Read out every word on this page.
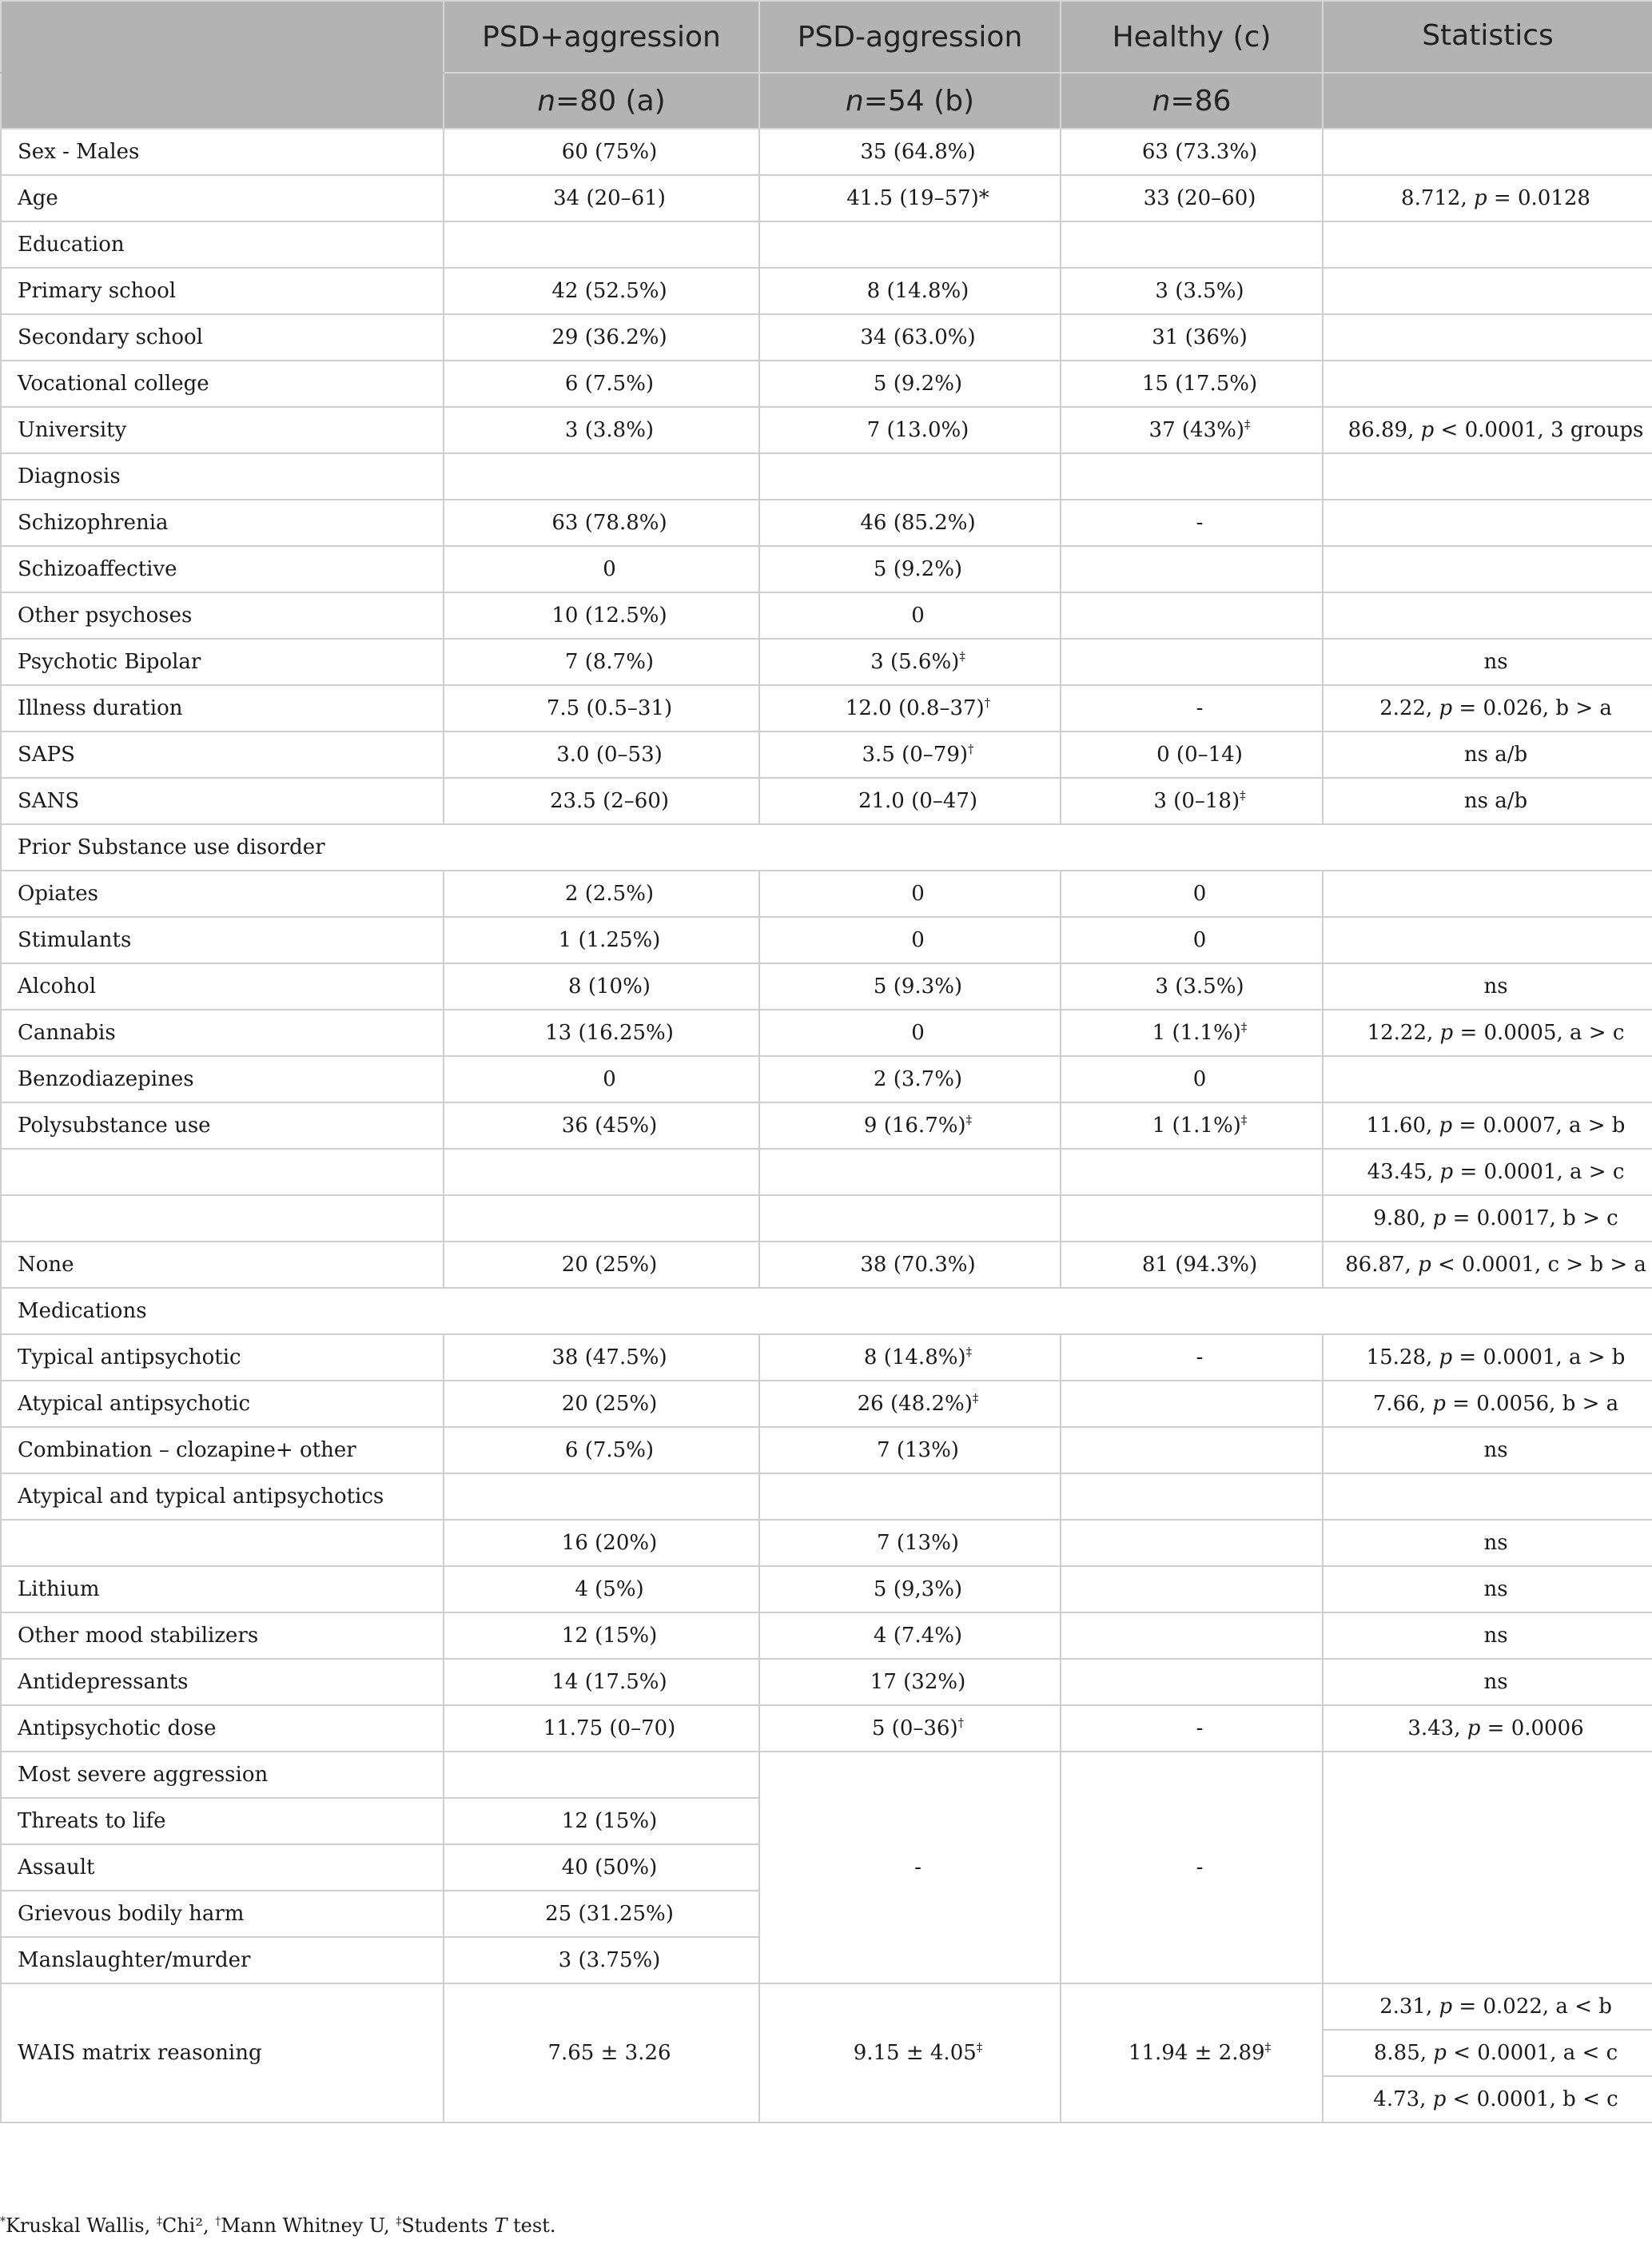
	PSD+aggression	PSD-aggression	Healthy (c)	Statistics
	n=80 (a)	n=54 (b)	n=86	
Sex - Males	60 (75%)	35 (64.8%)	63 (73.3%)	
Age	34 (20–61)	41.5 (19–57)*	33 (20–60)	8.712, p = 0.0128
Education				
Primary school	42 (52.5%)	8 (14.8%)	3 (3.5%)	
Secondary school	29 (36.2%)	34 (63.0%)	31 (36%)	
Vocational college	6 (7.5%)	5 (9.2%)	15 (17.5%)	
University	3 (3.8%)	7 (13.0%)	37 (43%)‡	86.89, p < 0.0001, 3 groups
Diagnosis				
Schizophrenia	63 (78.8%)	46 (85.2%)	-	
Schizoaffective	0	5 (9.2%)		
Other psychoses	10 (12.5%)	0		
Psychotic Bipolar	7 (8.7%)	3 (5.6%)‡		ns
Illness duration	7.5 (0.5–31)	12.0 (0.8–37)†	-	2.22, p = 0.026, b > a
SAPS	3.0 (0–53)	3.5 (0–79)†	0 (0–14)	ns a/b
SANS	23.5 (2–60)	21.0 (0–47)	3 (0–18)‡	ns a/b
Prior Substance use disorder				
Opiates	2 (2.5%)	0	0	
Stimulants	1 (1.25%)	0	0	
Alcohol	8 (10%)	5 (9.3%)	3 (3.5%)	ns
Cannabis	13 (16.25%)	0	1 (1.1%)‡	12.22, p = 0.0005, a > c
Benzodiazepines	0	2 (3.7%)	0	
Polysubstance use	36 (45%)	9 (16.7%)‡	1 (1.1%)‡	11.60, p = 0.0007, a > b
				43.45, p = 0.0001, a > c
				9.80, p = 0.0017, b > c
None	20 (25%)	38 (70.3%)	81 (94.3%)	86.87, p < 0.0001, c > b > a
Medications				
Typical antipsychotic	38 (47.5%)	8 (14.8%)‡	-	15.28, p = 0.0001, a > b
Atypical antipsychotic	20 (25%)	26 (48.2%)‡		7.66, p = 0.0056, b > a
Combination – clozapine+ other	6 (7.5%)	7 (13%)		ns
Atypical and typical antipsychotics				
	16 (20%)	7 (13%)		ns
Lithium	4 (5%)	5 (9,3%)		ns
Other mood stabilizers	12 (15%)	4 (7.4%)		ns
Antidepressants	14 (17.5%)	17 (32%)		ns
Antipsychotic dose	11.75 (0–70)	5 (0–36)†	-	3.43, p = 0.0006
Most severe aggression		-	-	
Threats to life	12 (15%)			
Assault	40 (50%)			
Grievous bodily harm	25 (31.25%)			
Manslaughter/murder	3 (3.75%)			
WAIS matrix reasoning	7.65 ± 3.26	9.15 ± 4.05‡	11.94 ± 2.89‡	2.31, p = 0.022, a < b
				8.85, p < 0.0001, a < c
				4.73, p < 0.0001, b < c
*Kruskal Wallis, ‡Chi², †Mann Whitney U, ‡Students T test.
